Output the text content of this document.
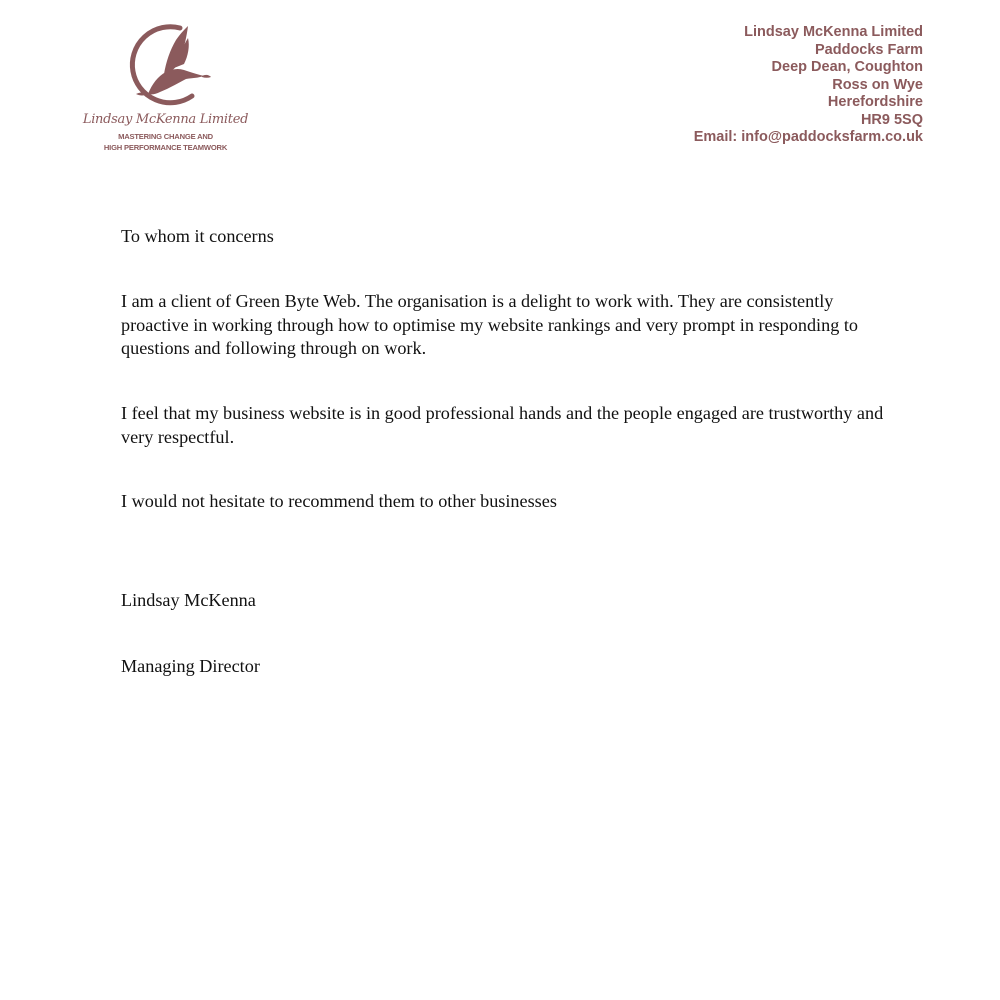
Lindsay McKenna Limited
MASTERING CHANGE AND
HIGH PERFORMANCE TEAMWORK
Lindsay McKenna Limited
Paddocks Farm
Deep Dean, Coughton
Ross on Wye
Herefordshire
HR9 5SQ
Email: info@paddocksfarm.co.uk
To whom it concerns
I am a client of Green Byte Web. The organisation is a delight to work with. They are consistently proactive in working through how to optimise my website rankings and very prompt in responding to questions and following through on work.
I feel that my business website is in good professional hands and the people engaged are trustworthy and very respectful.
I would not hesitate to recommend them to other businesses
Lindsay McKenna
Managing Director
